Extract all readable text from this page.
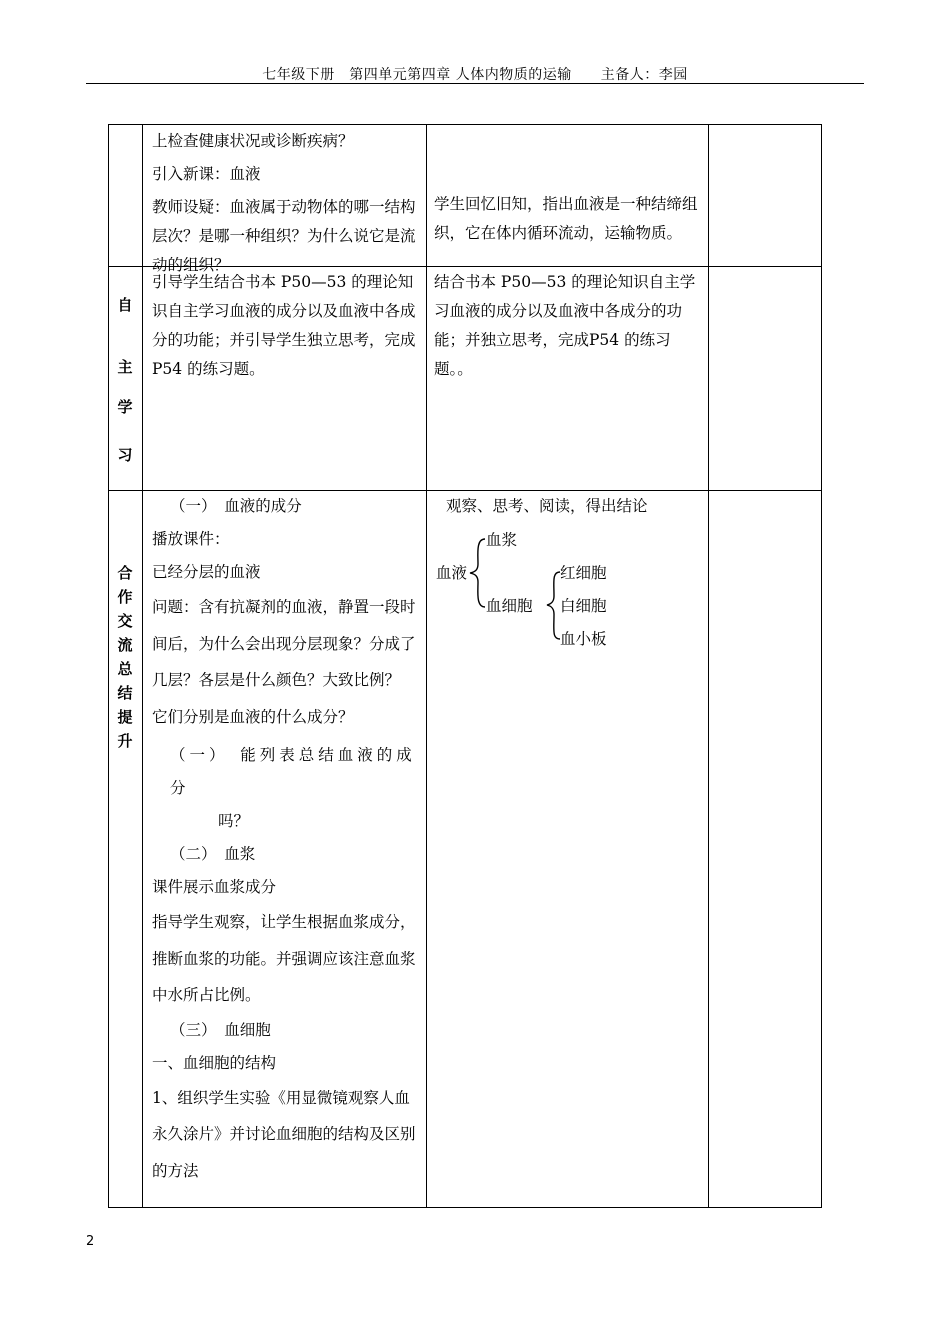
七年级下册　第四单元第四章 人体内物质的运输　　主备人：李园

上检查健康状况或诊断疾病？

引入新课：血液

教师设疑：血液属于动物体的哪一结构层次？是哪一种组织？为什么说它是流动的组织？

学生回忆旧知，指出血液是一种结缔组织，它在体内循环流动，运输物质。

自
主
学
习

引导学生结合书本 P50—53 的理论知识自主学习血液的成分以及血液中各成分的功能；并引导学生独立思考，完成P54 的练习题。

结合书本 P50—53 的理论知识自主学习血液的成分以及血液中各成分的功能；并独立思考，完成P54 的练习题。。

合
作
交
流
总
结
提
升

（一）　血液的成分

播放课件：

已经分层的血液

问题：含有抗凝剂的血液，静置一段时间后，为什么会出现分层现象？分成了几层？各层是什么颜色？大致比例？ 它们分别是血液的什么成分？

（一）　能列表总结血液的成分

吗？

（二）　血浆

课件展示血浆成分

指导学生观察，让学生根据血浆成分，推断血浆的功能。并强调应该注意血浆中水所占比例。

（三）　血细胞

一、血细胞的结构

1、组织学生实验《用显微镜观察人血永久涂片》并讨论血细胞的结构及区别的方法

观察、思考、阅读，得出结论
血液
血浆
血细胞
红细胞
白细胞
血小板
2
